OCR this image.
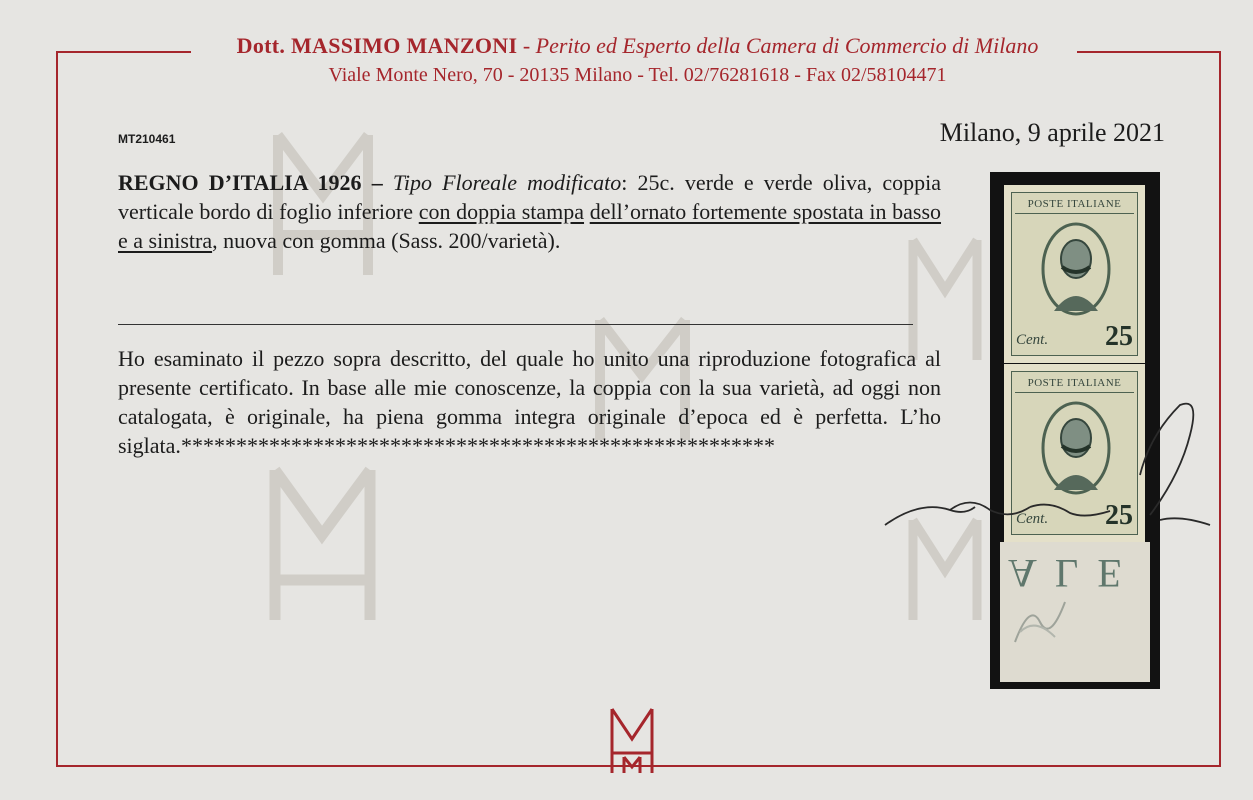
Dott. MASSIMO MANZONI - Perito ed Esperto della Camera di Commercio di Milano
Viale Monte Nero, 70 - 20135 Milano - Tel. 02/76281618 - Fax 02/58104471
MT210461	Milano, 9 aprile 2021
REGNO D’ITALIA 1926 – Tipo Floreale modificato: 25c. verde e verde oliva, coppia verticale bordo di foglio inferiore con doppia stampa dell’ornato fortemente spostata in basso e a sinistra, nuova con gomma (Sass. 200/varietà).
Ho esaminato il pezzo sopra descritto, del quale ho unito una riproduzione fotografica al presente certificato. In base alle mie conoscenze, la coppia con la sua varietà, ad oggi non catalogata, è originale, ha piena gomma integra originale d’epoca ed è perfetta. L’ho siglata.******************************************************
POSTE ITALIANE
Cent. 25
POSTE ITALIANE
Cent. 25
ALE
